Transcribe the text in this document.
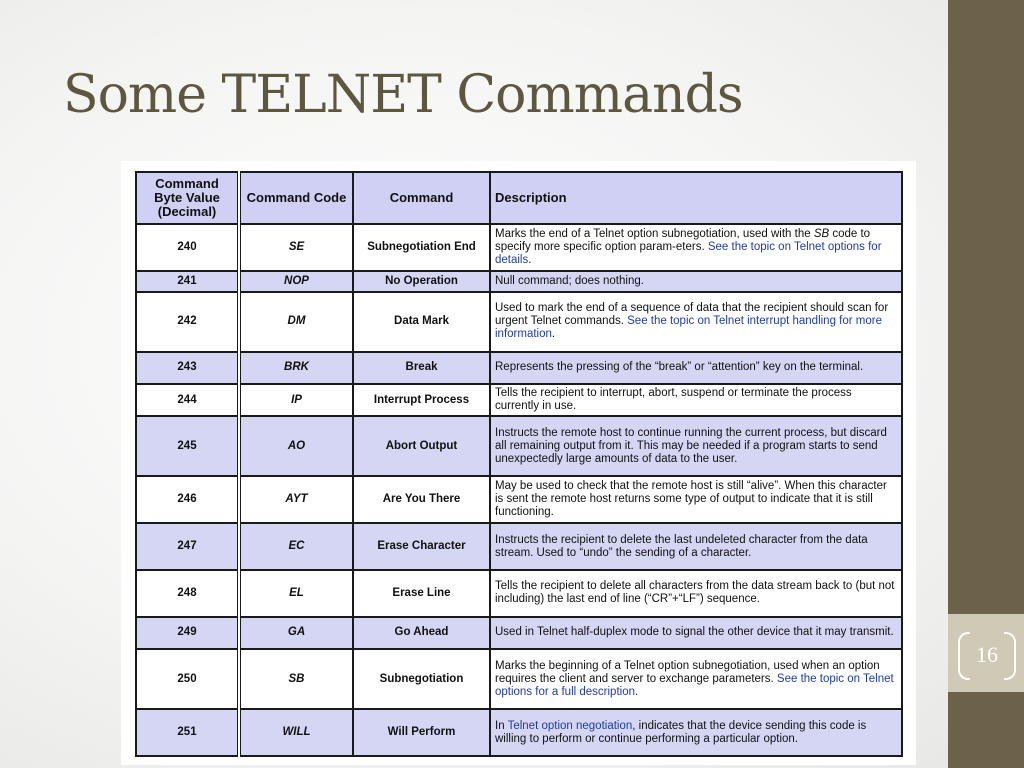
16
Some TELNET Commands
Command Byte Value (Decimal)	Command Code	Command	Description
240	SE	Subnegotiation End	Marks the end of a Telnet option subnegotiation, used with the SB code to specify more specific option param-eters. See the topic on Telnet options for details.
241	NOP	No Operation	Null command; does nothing.
242	DM	Data Mark	Used to mark the end of a sequence of data that the recipient should scan for urgent Telnet commands. See the topic on Telnet interrupt handling for more information.
243	BRK	Break	Represents the pressing of the “break” or “attention” key on the terminal.
244	IP	Interrupt Process	Tells the recipient to interrupt, abort, suspend or terminate the process currently in use.
245	AO	Abort Output	Instructs the remote host to continue running the current process, but discard all remaining output from it. This may be needed if a program starts to send unexpectedly large amounts of data to the user.
246	AYT	Are You There	May be used to check that the remote host is still “alive”. When this character is sent the remote host returns some type of output to indicate that it is still functioning.
247	EC	Erase Character	Instructs the recipient to delete the last undeleted character from the data stream. Used to “undo” the sending of a character.
248	EL	Erase Line	Tells the recipient to delete all characters from the data stream back to (but not including) the last end of line (“CR”+“LF”) sequence.
249	GA	Go Ahead	Used in Telnet half-duplex mode to signal the other device that it may transmit.
250	SB	Subnegotiation	Marks the beginning of a Telnet option subnegotiation, used when an option requires the client and server to exchange parameters. See the topic on Telnet options for a full description.
251	WILL	Will Perform	In Telnet option negotiation, indicates that the device sending this code is willing to perform or continue performing a particular option.
